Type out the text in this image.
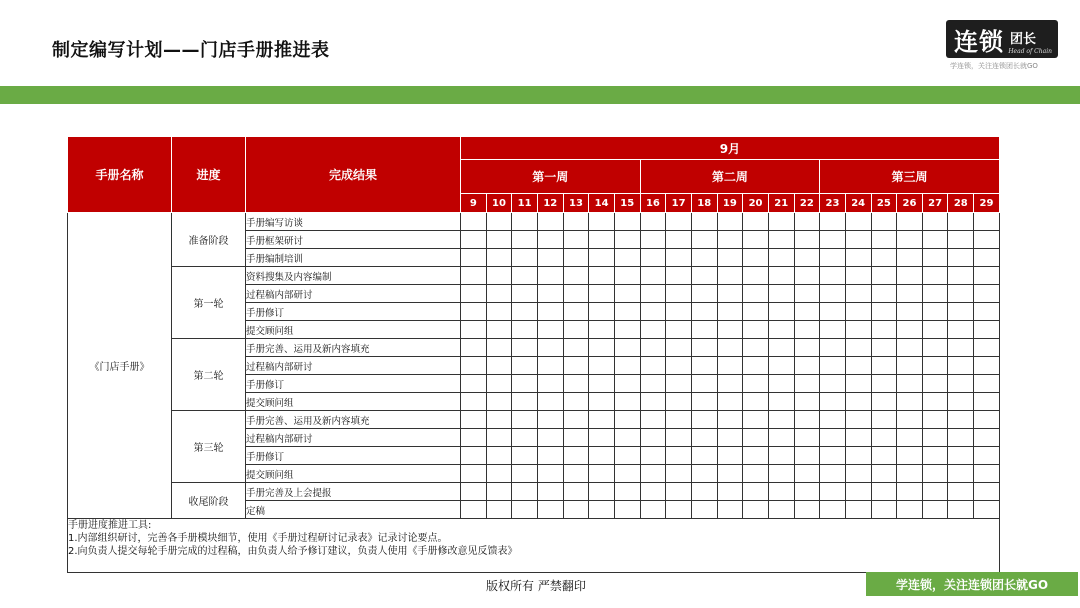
制定编写计划——门店手册推进表	连锁 团长
Head of Chain
学连锁，关注连锁团长就GO
手册名称	进度	完成结果	9月																				
			第一周							第二周							第三周						
			9	10	11	12	13	14	15	16	17	18	19	20	21	22	23	24	25	26	27	28	29
《门店手册》	准备阶段	手册编写访谈																					
		手册框架研讨																					
		手册编制培训																					
	第一轮	资料搜集及内容编制																					
		过程稿内部研讨																					
		手册修订																					
		提交顾问组																					
	第二轮	手册完善、运用及新内容填充																					
		过程稿内部研讨																					
		手册修订																					
		提交顾问组																					
	第三轮	手册完善、运用及新内容填充																					
		过程稿内部研讨																					
		手册修订																					
		提交顾问组																					
	收尾阶段	手册完善及上会提报																					
		定稿																					

手册进度推进工具:
1.内部组织研讨，完善各手册模块细节，使用《手册过程研讨记录表》记录讨论要点。
2.向负责人提交每轮手册完成的过程稿，由负责人给予修订建议，负责人使用《手册修改意见反馈表》																							
版权所有 严禁翻印	学连锁，关注连锁团长就GO
